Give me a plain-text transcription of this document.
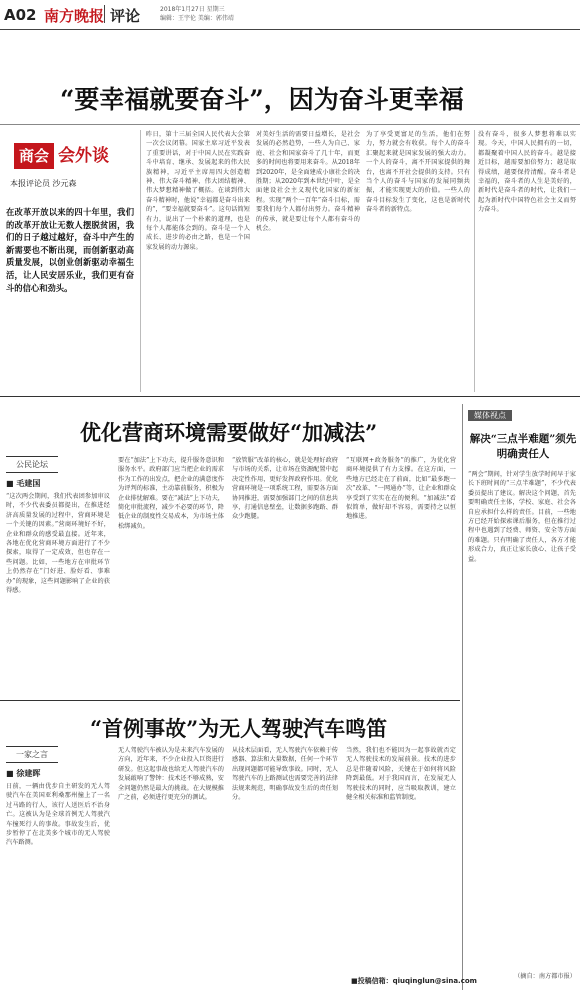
A02 南方晚报 评论	2018年1月27日 星期三
编辑：王宇伦 美编：郭伟靖
“要幸福就要奋斗”，因为奋斗更幸福
商会 会外谈
本报评论员 沙元森
在改革开放以来的四十年里，我们的改革开放让无数人摆脱贫困，我们的日子越过越好，奋斗中产生的新需要也不断出现，而创新驱动高质量发展，以创业创新驱动幸福生活，让人民安居乐业，我们更有奋斗的信心和劲头。
昨日，第十三届全国人民代表大会第一次会议闭幕。国家主席习近平发表了重要讲话，对于中国人民在实践奋斗中培育、继承、发展起来的伟大民族精神，习近平主席用四大创造精神、伟大奋斗精神、伟大团结精神、伟大梦想精神做了概括。在谈到伟大奋斗精神时，他说“幸福都是奋斗出来的”，“要幸福就要奋斗”。这句话简短有力，说出了一个朴素的道理，也是每个人都能体会到的。奋斗是一个人成长、进步的必由之路，也是一个国家发展的动力源泉。
对美好生活的需要日益增长，是社会发展的必然趋势，一些人为自己、家庭、社会和国家奋斗了几十年，而更多的时间也将要用来奋斗。从2018年到2020年，是全面建成小康社会的决胜期；从2020年到本世纪中叶，是全面建设社会主义现代化国家的新征程。实现“两个一百年”奋斗目标，需要我们每个人都付出努力。奋斗精神的传承，就是要让每个人都有奋斗的机会。
为了享受更富足的生活，他们在努力，努力就会有收获。每个人的奋斗汇聚起来就是国家发展的强大动力。一个人的奋斗，离不开国家提供的舞台，也离不开社会提供的支持。只有当个人的奋斗与国家的发展同频共振，才能实现更大的价值。一些人的奋斗目标发生了变化，这也是新时代奋斗者的新特点。
没有奋斗，很多人梦想将难以实现。今天，中国人民拥有的一切，都凝聚着中国人民的奋斗。越是接近目标，越需要加倍努力；越是取得成绩，越要保持清醒。奋斗者是幸福的，奋斗者的人生是美好的，新时代是奋斗者的时代，让我们一起为新时代中国特色社会主义而努力奋斗。
优化营商环境需要做好“加减法”
公民论坛
■ 毛建国
“这次两会期间，我们代表团参加审议时，不少代表委员都提出，在推进经济高质量发展的过程中，营商环境是一个关键的因素。”营商环境好不好，企业和群众的感受最直接。近年来，各地在优化营商环境方面进行了不少探索，取得了一定成效，但也存在一些问题。比如，一些地方在审批环节上仍然存在“门好进、脸好看、事难办”的现象，这些问题影响了企业的获得感。
要在“加法”上下功夫，提升服务意识和服务水平。政府部门应当把企业的需求作为工作的出发点，把企业的满意度作为评判的标准，主动靠前服务，积极为企业排忧解难。要在“减法”上下功夫，简化审批流程，减少不必要的环节，降低企业的制度性交易成本，为市场主体松绑减负。
“放管服”改革的核心，就是处理好政府与市场的关系，让市场在资源配置中起决定性作用，更好发挥政府作用。优化营商环境是一项系统工程，需要各方面协同推进，需要加强部门之间的信息共享，打通信息壁垒，让数据多跑路、群众少跑腿。
“互联网+政务服务”的推广，为优化营商环境提供了有力支撑。在这方面，一些地方已经走在了前面，比如“最多跑一次”改革、“一网通办”等，让企业和群众享受到了实实在在的便利。“加减法”看似简单，做好却不容易，需要持之以恒地推进。
媒体视点
解决“三点半难题”须先明确责任人
“两会”期间，针对学生放学时间早于家长下班时间的“三点半难题”，不少代表委员提出了建议。解决这个问题，首先要明确责任主体，学校、家庭、社会各自应承担什么样的责任。目前，一些地方已经开始探索课后服务，但在推行过程中也遇到了经费、师资、安全等方面的难题。只有明确了责任人，各方才能形成合力，真正让家长放心、让孩子受益。
（摘自：南方都市报）
“首例事故”为无人驾驶汽车鸣笛
一家之言
■ 徐建晖
日前，一辆由优步自主研发的无人驾驶汽车在美国亚利桑那州撞上了一名过马路的行人，该行人送医后不治身亡。这被认为是全球首例无人驾驶汽车撞死行人的事故。事故发生后，优步暂停了在北美多个城市的无人驾驶汽车路测。
无人驾驶汽车被认为是未来汽车发展的方向，近年来，不少企业投入巨资进行研发。但这起事故也给无人驾驶汽车的发展敲响了警钟：技术还不够成熟，安全问题仍然是最大的挑战。在大规模推广之前，必须进行更充分的测试。
从技术层面看，无人驾驶汽车依赖于传感器、算法和大量数据，任何一个环节出现问题都可能导致事故。同时，无人驾驶汽车的上路测试也需要完善的法律法规来规范，明确事故发生后的责任划分。
当然，我们也不能因为一起事故就否定无人驾驶技术的发展前景。技术的进步总是伴随着风险，关键在于如何将风险降到最低。对于我国而言，在发展无人驾驶技术的同时，应当吸取教训，建立健全相关标准和监管制度。
■投稿信箱：qiuqinglun@sina.com
